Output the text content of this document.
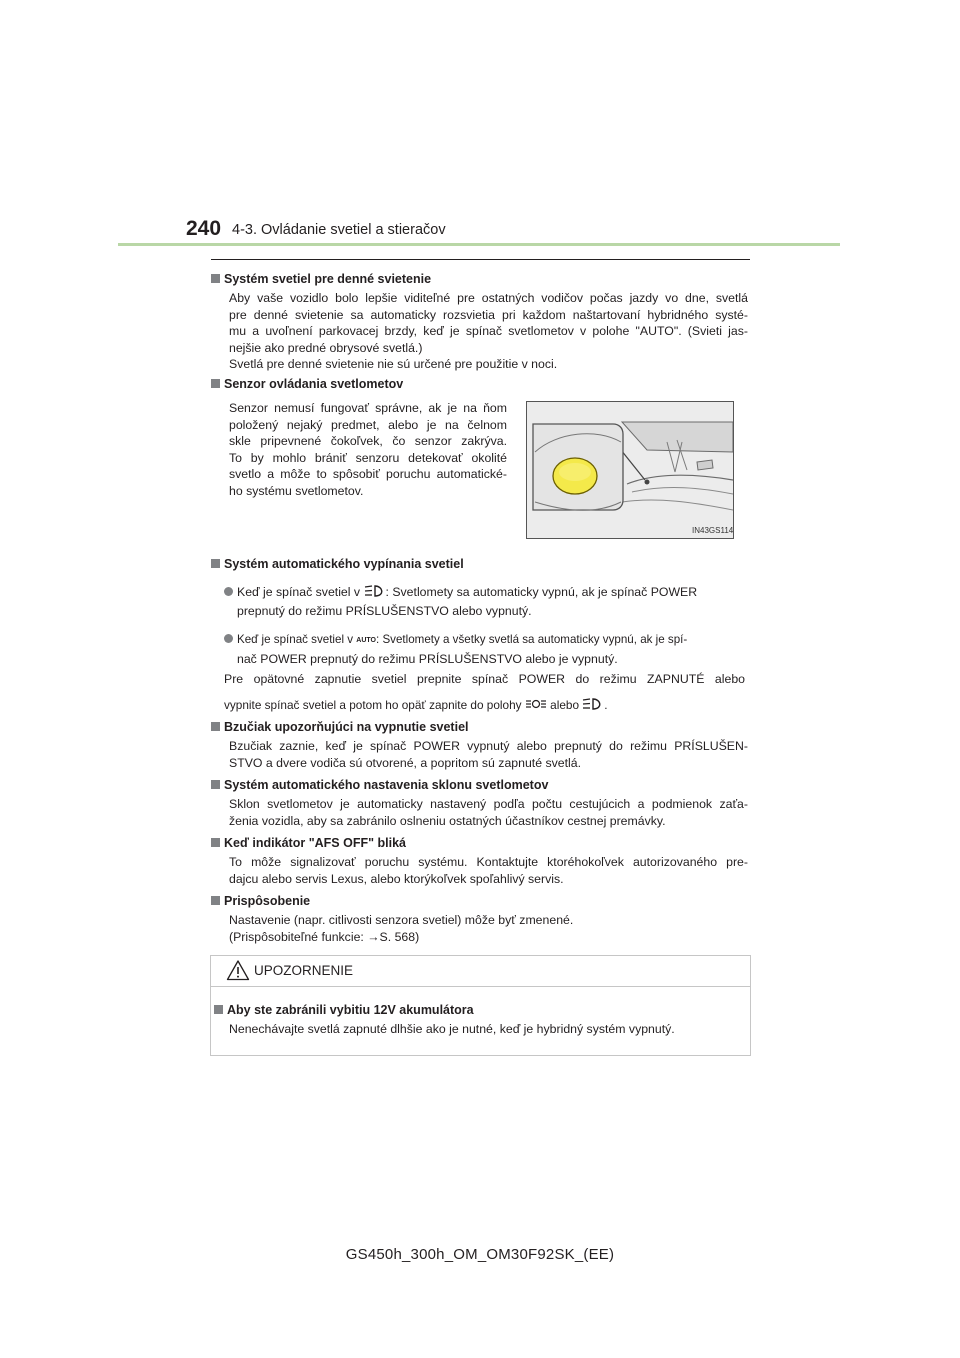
240 4-3. Ovládanie svetiel a stieračov
Systém svetiel pre denné svietenie
Aby vaše vozidlo bolo lepšie viditeľné pre ostatných vodičov počas jazdy vo dne, svetlá
pre denné svietenie sa automaticky rozsvietia pri každom naštartovaní hybridného systé-
mu a uvoľnení parkovacej brzdy, keď je spínač svetlometov v polohe "AUTO". (Svieti jas-
nejšie ako predné obrysové svetlá.)
Svetlá pre denné svietenie nie sú určené pre použitie v noci.
Senzor ovládania svetlometov
Senzor nemusí fungovať správne, ak je na ňom
položený nejaký predmet, alebo je na čelnom
skle pripevnené čokoľvek, čo senzor zakrýva.
To by mohlo brániť senzoru detekovať okolité
svetlo a môže to spôsobiť poruchu automatické-
ho systému svetlometov.
IN43GS114
Systém automatického vypínania svetiel
Keď je spínač svetiel v : Svetlomety sa automaticky vypnú, ak je spínač POWER
prepnutý do režimu PRÍSLUŠENSTVO alebo vypnutý.
Keď je spínač svetiel v AUTO: Svetlomety a všetky svetlá sa automaticky vypnú, ak je spí-
nač POWER prepnutý do režimu PRÍSLUŠENSTVO alebo je vypnutý.
Pre opätovné zapnutie svetiel prepnite spínač POWER do režimu ZAPNUTÉ alebo
vypnite spínač svetiel a potom ho opäť zapnite do polohy alebo .
Bzučiak upozorňujúci na vypnutie svetiel
Bzučiak zaznie, keď je spínač POWER vypnutý alebo prepnutý do režimu PRÍSLUŠEN-
STVO a dvere vodiča sú otvorené, a popritom sú zapnuté svetlá.
Systém automatického nastavenia sklonu svetlometov
Sklon svetlometov je automaticky nastavený podľa počtu cestujúcich a podmienok zaťa-
ženia vozidla, aby sa zabránilo oslneniu ostatných účastníkov cestnej premávky.
Keď indikátor "AFS OFF" bliká
To môže signalizovať poruchu systému. Kontaktujte ktoréhokoľvek autorizovaného pre-
dajcu alebo servis Lexus, alebo ktorýkoľvek spoľahlivý servis.
Prispôsobenie
Nastavenie (napr. citlivosti senzora svetiel) môže byť zmenené.
(Prispôsobiteľné funkcie: →S. 568)
UPOZORNENIE
Aby ste zabránili vybitiu 12V akumulátora
Nenechávajte svetlá zapnuté dlhšie ako je nutné, keď je hybridný systém vypnutý.
GS450h_300h_OM_OM30F92SK_(EE)
